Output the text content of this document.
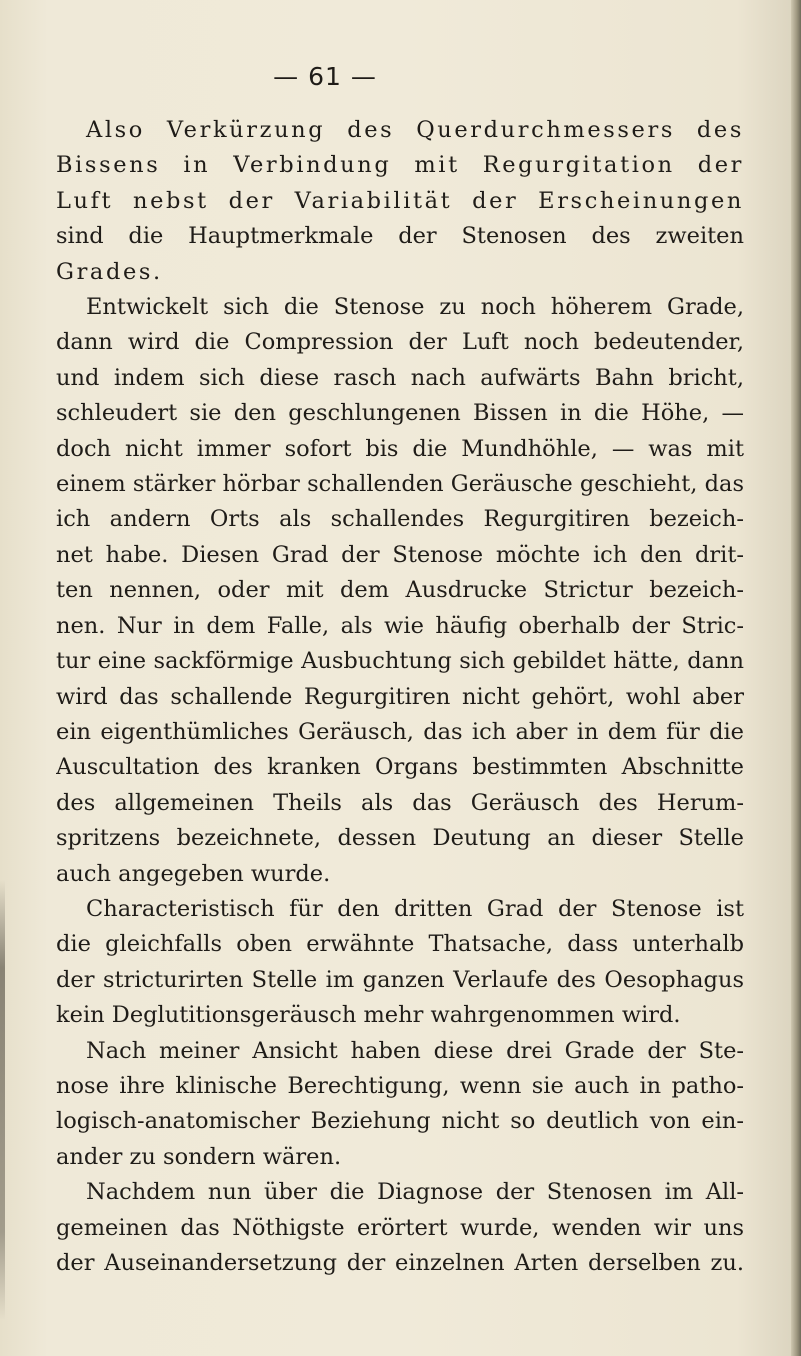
— 61 —
Also Verkürzung des Querdurchmessers des
Bissens in Verbindung mit Regurgitation der
Luft nebst der Variabilität der Erscheinungen
sind die Hauptmerkmale der Stenosen des zweiten
Grades.
Entwickelt sich die Stenose zu noch höherem Grade,
dann wird die Compression der Luft noch bedeutender,
und indem sich diese rasch nach aufwärts Bahn bricht,
schleudert sie den geschlungenen Bissen in die Höhe, —
doch nicht immer sofort bis die Mundhöhle, — was mit
einem stärker hörbar schallenden Geräusche geschieht, das
ich andern Orts als schallendes Regurgitiren bezeich-
net habe. Diesen Grad der Stenose möchte ich den drit-
ten nennen, oder mit dem Ausdrucke Strictur bezeich-
nen. Nur in dem Falle, als wie häufig oberhalb der Stric-
tur eine sackförmige Ausbuchtung sich gebildet hätte, dann
wird das schallende Regurgitiren nicht gehört, wohl aber
ein eigenthümliches Geräusch, das ich aber in dem für die
Auscultation des kranken Organs bestimmten Abschnitte
des allgemeinen Theils als das Geräusch des Herum-
spritzens bezeichnete, dessen Deutung an dieser Stelle
auch angegeben wurde.
Characteristisch für den dritten Grad der Stenose ist
die gleichfalls oben erwähnte Thatsache, dass unterhalb
der stricturirten Stelle im ganzen Verlaufe des Oesophagus
kein Deglutitionsgeräusch mehr wahrgenommen wird.
Nach meiner Ansicht haben diese drei Grade der Ste-
nose ihre klinische Berechtigung, wenn sie auch in patho-
logisch-anatomischer Beziehung nicht so deutlich von ein-
ander zu sondern wären.
Nachdem nun über die Diagnose der Stenosen im All-
gemeinen das Nöthigste erörtert wurde, wenden wir uns
der Auseinandersetzung der einzelnen Arten derselben zu.
